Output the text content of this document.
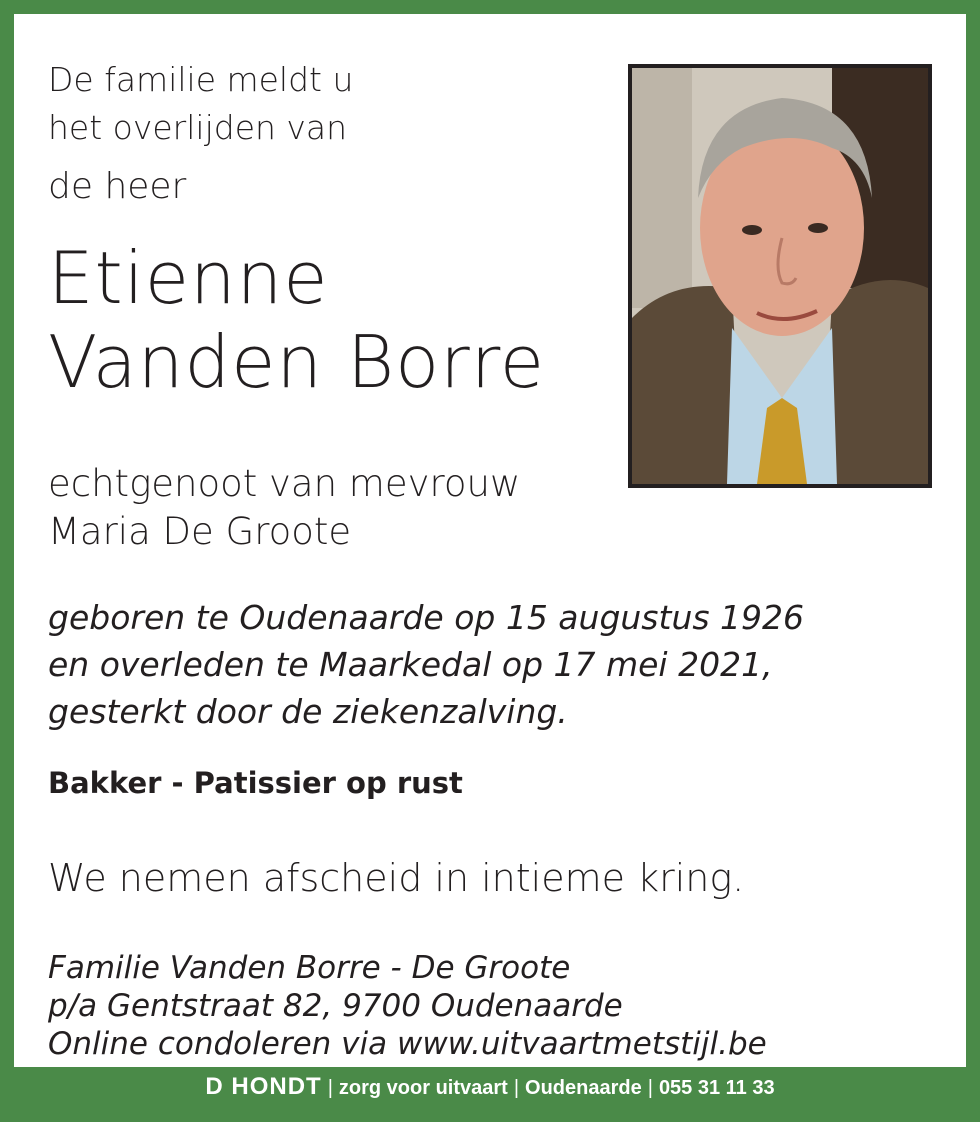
De familie meldt u
het overlijden van
de heer
Etienne
Vanden Borre
echtgenoot van mevrouw
Maria De Groote
geboren te Oudenaarde op 15 augustus 1926
en overleden te Maarkedal op 17 mei 2021,
gesterkt door de ziekenzalving.
Bakker - Patissier op rust
We nemen afscheid in intieme kring.
Familie Vanden Borre - De Groote
p/a Gentstraat 82, 9700 Oudenaarde
Online condoleren via www.uitvaartmetstijl.be
D HONDT | zorg voor uitvaart | Oudenaarde | 055 31 11 33
